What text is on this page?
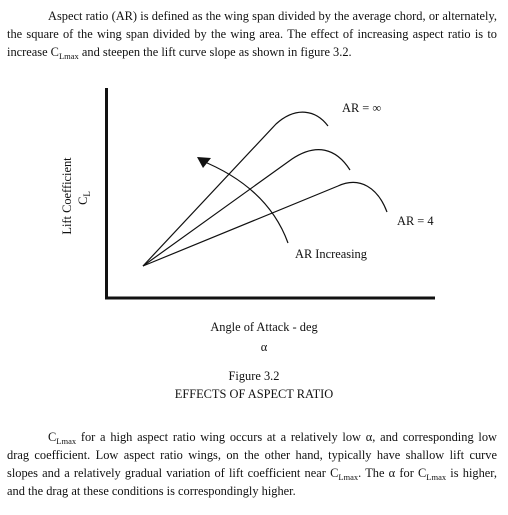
Aspect ratio (AR) is defined as the wing span divided by the average chord, or alternately, the square of the wing span divided by the wing area. The effect of increasing aspect ratio is to increase $C_{Lmax}$ and steepen the lift curve slope as shown in figure 3.2.

Lift Coefficient $C_L$
AR = ∞
AR = 4
AR Increasing
Angle of Attack - deg
α
Figure 3.2
EFFECTS OF ASPECT RATIO

$C_{Lmax}$ for a high aspect ratio wing occurs at a relatively low α, and corresponding low drag coefficient. Low aspect ratio wings, on the other hand, typically have shallow lift curve slopes and a relatively gradual variation of lift coefficient near $C_{Lmax}$. The α for $C_{Lmax}$ is higher, and the drag at these conditions is correspondingly higher.
